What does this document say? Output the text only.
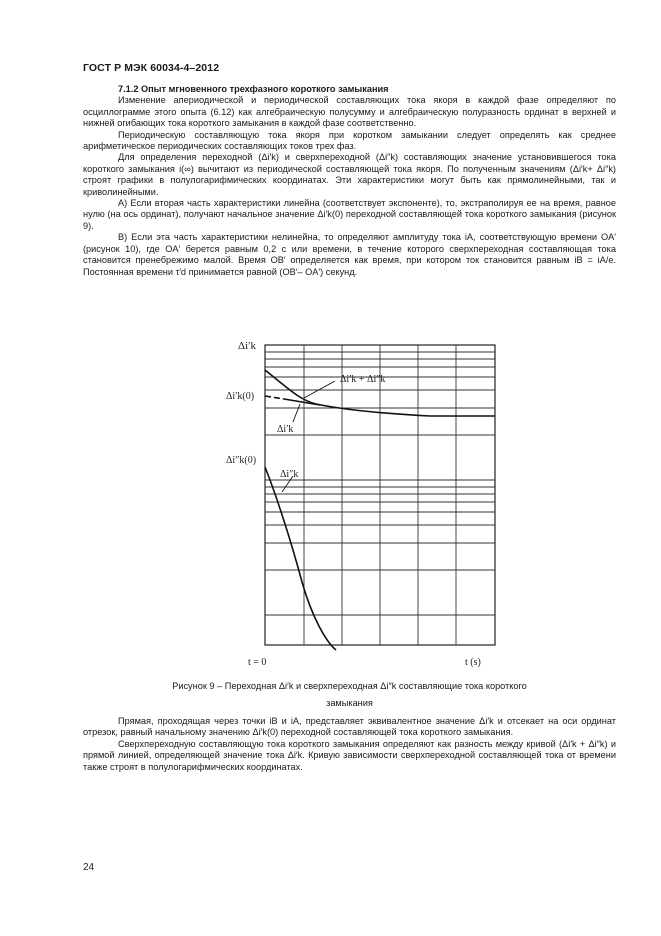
ГОСТ Р МЭК 60034-4–2012

7.1.2 Опыт мгновенного трехфазного короткого замыкания

Изменение апериодической и периодической составляющих тока якоря в каждой фазе определяют по осциллограмме этого опыта (6.12) как алгебраическую полусумму и алгебраическую полуразность ординат в верхней и нижней огибающих тока короткого замыкания в каждой фазе соответственно.

Периодическую составляющую тока якоря при коротком замыкании следует определять как среднее арифметическое периодических составляющих токов трех фаз.

Для определения переходной (Δi′k) и сверхпереходной (Δi″k) составляющих значение установившегося тока короткого замыкания i(∞) вычитают из периодической составляющей тока якоря. По полученным значениям (Δi′k+ Δi″k) строят графики в полулогарифмических координатах. Эти характеристики могут быть как прямолинейными, так и криволинейными.

А) Если вторая часть характеристики линейна (соответствует экспоненте), то, экстраполируя ее на время, равное нулю (на ось ординат), получают начальное значение Δi′k(0) переходной составляющей тока короткого замыкания (рисунок 9).

В) Если эта часть характеристики нелинейна, то определяют амплитуду тока iA, соответствующую времени OA′ (рисунок 10), где OA′ берется равным 0,2 с или времени, в течение которого сверхпереходная составляющая тока становится пренебрежимо малой. Время OB′ определяется как время, при котором ток становится равным iB = iA/e. Постоянная времени τ′d принимается равной (OB′– OA′) секунд.

Δi′k
Δi′k + Δi″k
Δi′k(0)
Δi′k
Δi″k(0)
Δi″k
t = 0	t (s)
Рисунок 9 – Переходная Δi′k и сверхпереходная Δi″k составляющие тока короткого
замыкания

Прямая, проходящая через точки iB и iA, представляет эквивалентное значение Δi′k и отсекает на оси ординат отрезок, равный начальному значению Δi′k(0) переходной составляющей тока короткого замыкания.

Сверхпереходную составляющую тока короткого замыкания определяют как разность между кривой (Δi′k + Δi″k) и прямой линией, определяющей значение тока Δi′k. Кривую зависимости сверхпереходной составляющей тока от времени также строят в полулогарифмических координатах.

24
